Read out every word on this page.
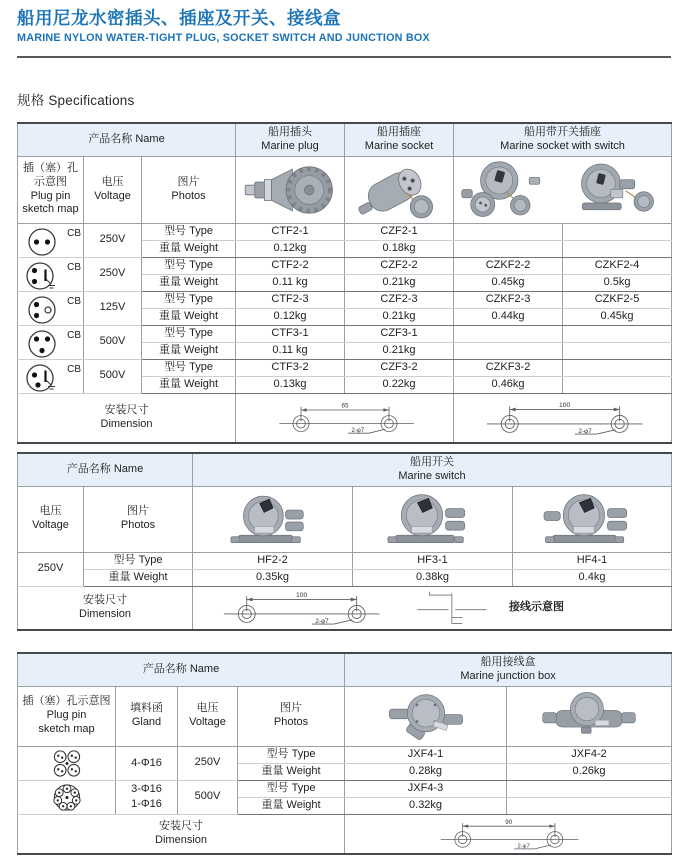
船用尼龙水密插头、插座及开关、接线盒
MARINE NYLON WATER-TIGHT PLUG, SOCKET SWITCH AND JUNCTION BOX
规格 Specifications
产品名称 Name			船用插头
Marine plug	船用插座
Marine socket	船用带开关插座
Marine socket with switch	

插（塞）孔
示意图
Plug pin
sketch map	电压
Voltage	图片
Photos

CB	250V	型号 Type	CTF2-1	CZF2-1		
		重量 Weight	0.12kg	0.18kg		

CB	250V	型号 Type	CTF2-2	CZF2-2	CZKF2-2	CZKF2-4
		重量 Weight	0.11 kg	0.21kg	0.45kg	0.5kg

CB	125V	型号 Type	CTF2-3	CZF2-3	CZKF2-3	CZKF2-5
		重量 Weight	0.12kg	0.21kg	0.44kg	0.45kg

CB	500V	型号 Type	CTF3-1	CZF3-1		
		重量 Weight	0.11 kg	0.21kg		

CB	500V	型号 Type	CTF3-2	CZF3-2	CZKF3-2	
		重量 Weight	0.13kg	0.22kg	0.46kg	

安装尺寸
Dimension			65
2-φ7		100
2-φ7	
产品名称 Name		船用开关
Marine switch		

电压
Voltage	图片
Photos

250V	型号 Type	HF2-2	HF3-1	HF4-1
	重量 Weight	0.35kg	0.38kg	0.4kg

安装尺寸
Dimension		100
2-φ7
接线示意图		
产品名称 Name				船用接线盒
Marine junction box	

插（塞）孔示意图
Plug pin
sketch map	填料函
Gland	电压
Voltage	图片
Photos

4-Φ16	250V	型号 Type	JXF4-1	JXF4-2
			重量 Weight	0.28kg	0.26kg

3-Φ16
1-Φ16	500V	型号 Type	JXF4-3	
			重量 Weight	0.32kg	

安装尺寸
Dimension				90
2-φ7	
